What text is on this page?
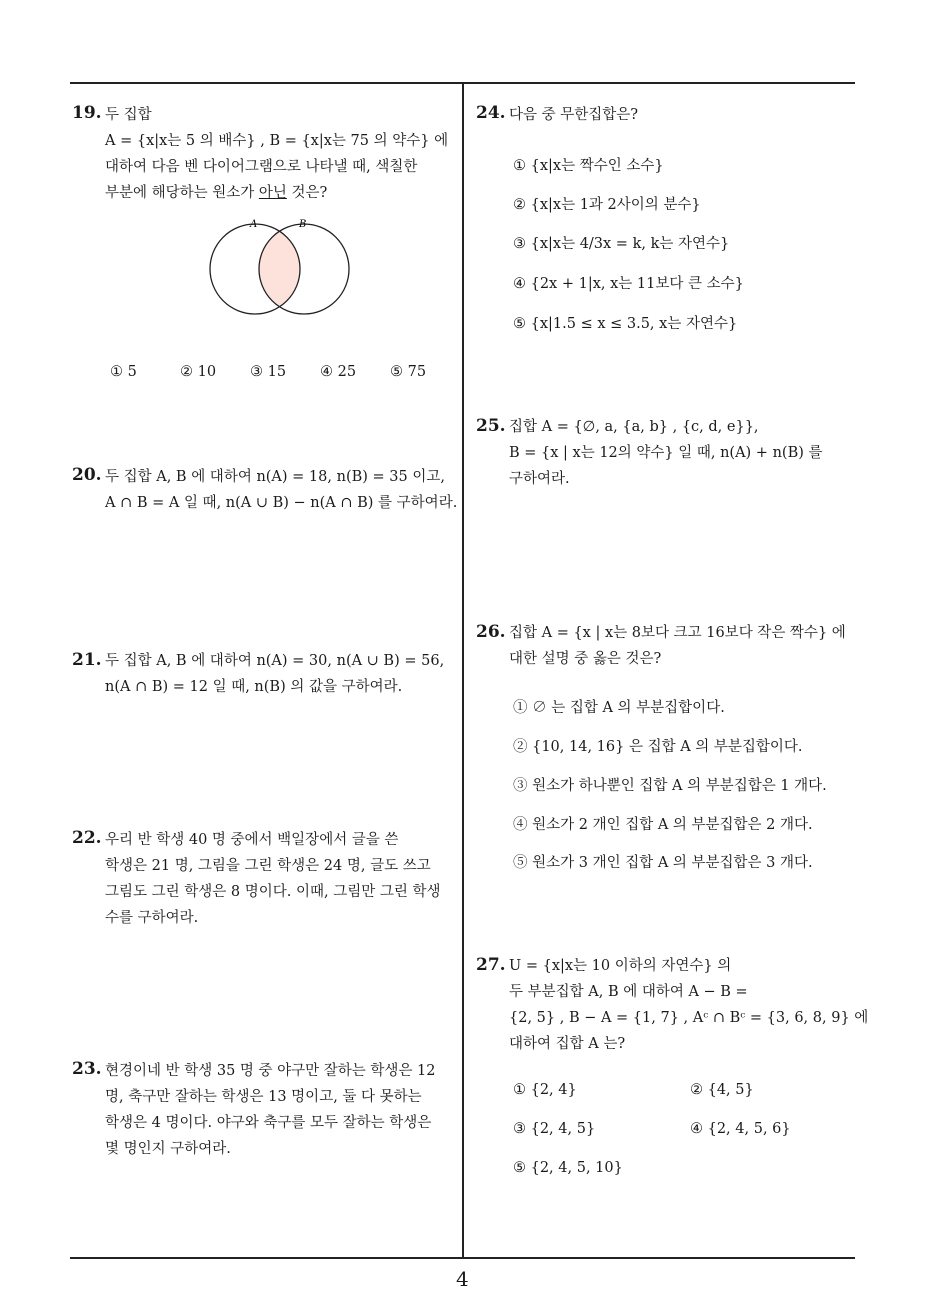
19. 두 집합
A = {x|x는 5 의 배수} , B = {x|x는 75 의 약수} 에
대하여 다음 벤 다이어그램으로 나타낼 때, 색칠한
부분에 해당하는 원소가 아닌 것은?
A	B
① 5	② 10 ③ 15 ④ 25 ⑤ 75
20. 두 집합 A, B 에 대하여 n(A) = 18, n(B) = 35 이고,
A ∩ B = A 일 때, n(A ∪ B) − n(A ∩ B) 를 구하여라.
21. 두 집합 A, B 에 대하여 n(A) = 30, n(A ∪ B) = 56,
n(A ∩ B) = 12 일 때, n(B) 의 값을 구하여라.
22. 우리 반 학생 40 명 중에서 백일장에서 글을 쓴
학생은 21 명, 그림을 그린 학생은 24 명, 글도 쓰고
그림도 그린 학생은 8 명이다. 이때, 그림만 그린 학생
수를 구하여라.
23. 현경이네 반 학생 35 명 중 야구만 잘하는 학생은 12
명, 축구만 잘하는 학생은 13 명이고, 둘 다 못하는
학생은 4 명이다. 야구와 축구를 모두 잘하는 학생은
몇 명인지 구하여라.
24. 다음 중 무한집합은?
① {x|x는 짝수인 소수}
② {x|x는 1과 2사이의 분수}
③ {x|x는 4/3x = k, k는 자연수}
④ {2x + 1|x, x는 11보다 큰 소수}
⑤ {x|1.5 ≤ x ≤ 3.5, x는 자연수}
25. 집합 A = {∅, a, {a, b} , {c, d, e}},
B = {x | x는 12의 약수} 일 때, n(A) + n(B) 를
구하여라.
26. 집합 A = {x | x는 8보다 크고 16보다 작은 짝수} 에
대한 설명 중 옳은 것은?
① ∅ 는 집합 A 의 부분집합이다.
② {10, 14, 16} 은 집합 A 의 부분집합이다.
③ 원소가 하나뿐인 집합 A 의 부분집합은 1 개다.
④ 원소가 2 개인 집합 A 의 부분집합은 2 개다.
⑤ 원소가 3 개인 집합 A 의 부분집합은 3 개다.
27. U = {x|x는 10 이하의 자연수} 의
두 부분집합 A, B 에 대하여 A − B =
{2, 5} , B − A = {1, 7} , Aᶜ ∩ Bᶜ = {3, 6, 8, 9} 에
대하여 집합 A 는?
① {2, 4}	② {4, 5}
③ {2, 4, 5}	④ {2, 4, 5, 6}
⑤ {2, 4, 5, 10}
4
